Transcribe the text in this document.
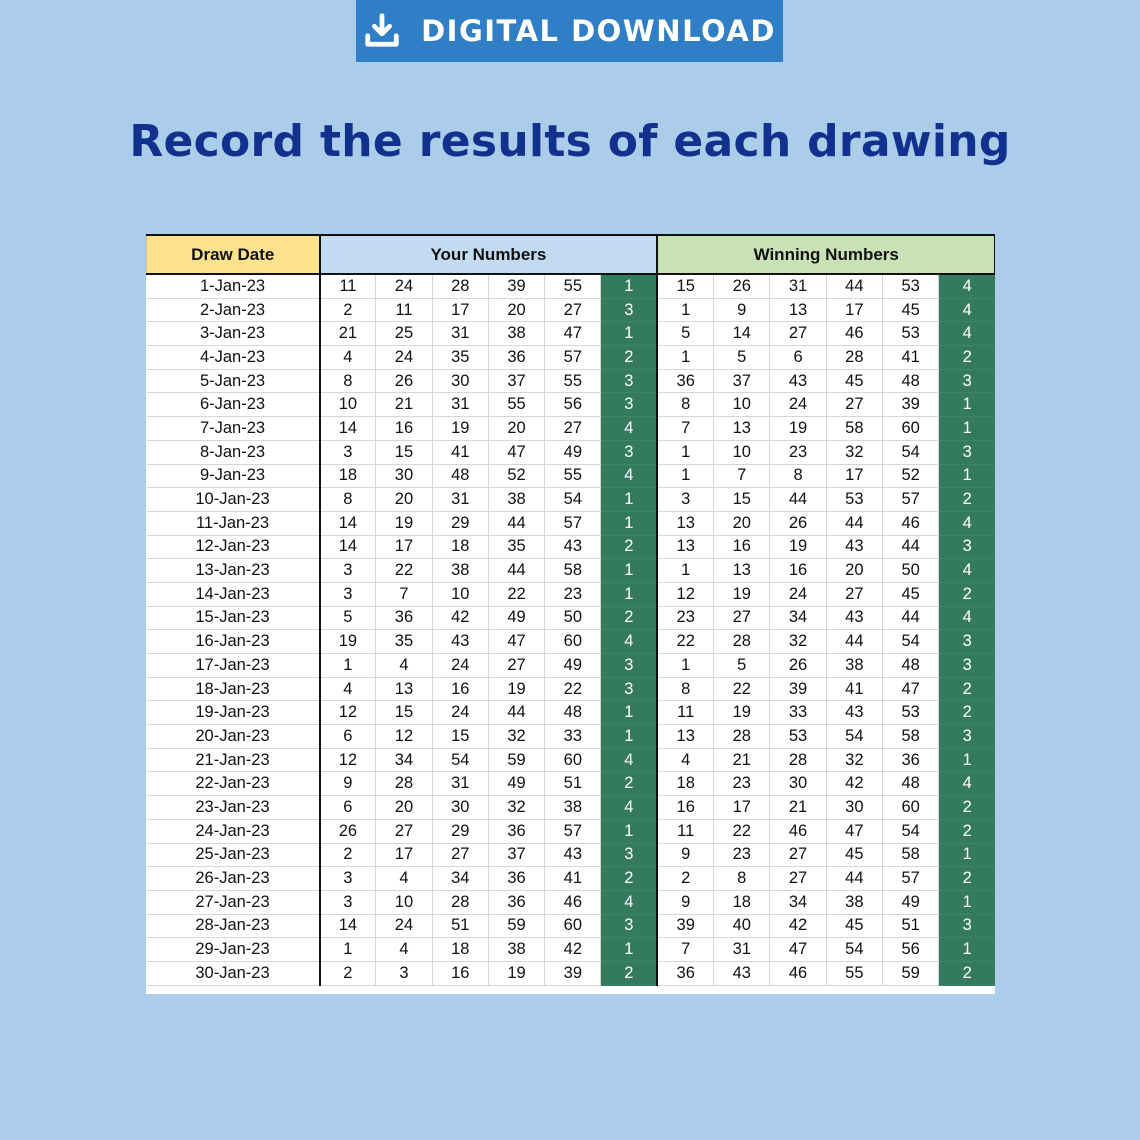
DIGITAL DOWNLOAD
Record the results of each drawing
Draw Date	Your Numbers						Winning Numbers					
1-Jan-23	11	24	28	39	55	1	15	26	31	44	53	4
2-Jan-23	2	11	17	20	27	3	1	9	13	17	45	4
3-Jan-23	21	25	31	38	47	1	5	14	27	46	53	4
4-Jan-23	4	24	35	36	57	2	1	5	6	28	41	2
5-Jan-23	8	26	30	37	55	3	36	37	43	45	48	3
6-Jan-23	10	21	31	55	56	3	8	10	24	27	39	1
7-Jan-23	14	16	19	20	27	4	7	13	19	58	60	1
8-Jan-23	3	15	41	47	49	3	1	10	23	32	54	3
9-Jan-23	18	30	48	52	55	4	1	7	8	17	52	1
10-Jan-23	8	20	31	38	54	1	3	15	44	53	57	2
11-Jan-23	14	19	29	44	57	1	13	20	26	44	46	4
12-Jan-23	14	17	18	35	43	2	13	16	19	43	44	3
13-Jan-23	3	22	38	44	58	1	1	13	16	20	50	4
14-Jan-23	3	7	10	22	23	1	12	19	24	27	45	2
15-Jan-23	5	36	42	49	50	2	23	27	34	43	44	4
16-Jan-23	19	35	43	47	60	4	22	28	32	44	54	3
17-Jan-23	1	4	24	27	49	3	1	5	26	38	48	3
18-Jan-23	4	13	16	19	22	3	8	22	39	41	47	2
19-Jan-23	12	15	24	44	48	1	11	19	33	43	53	2
20-Jan-23	6	12	15	32	33	1	13	28	53	54	58	3
21-Jan-23	12	34	54	59	60	4	4	21	28	32	36	1
22-Jan-23	9	28	31	49	51	2	18	23	30	42	48	4
23-Jan-23	6	20	30	32	38	4	16	17	21	30	60	2
24-Jan-23	26	27	29	36	57	1	11	22	46	47	54	2
25-Jan-23	2	17	27	37	43	3	9	23	27	45	58	1
26-Jan-23	3	4	34	36	41	2	2	8	27	44	57	2
27-Jan-23	3	10	28	36	46	4	9	18	34	38	49	1
28-Jan-23	14	24	51	59	60	3	39	40	42	45	51	3
29-Jan-23	1	4	18	38	42	1	7	31	47	54	56	1
30-Jan-23	2	3	16	19	39	2	36	43	46	55	59	2
